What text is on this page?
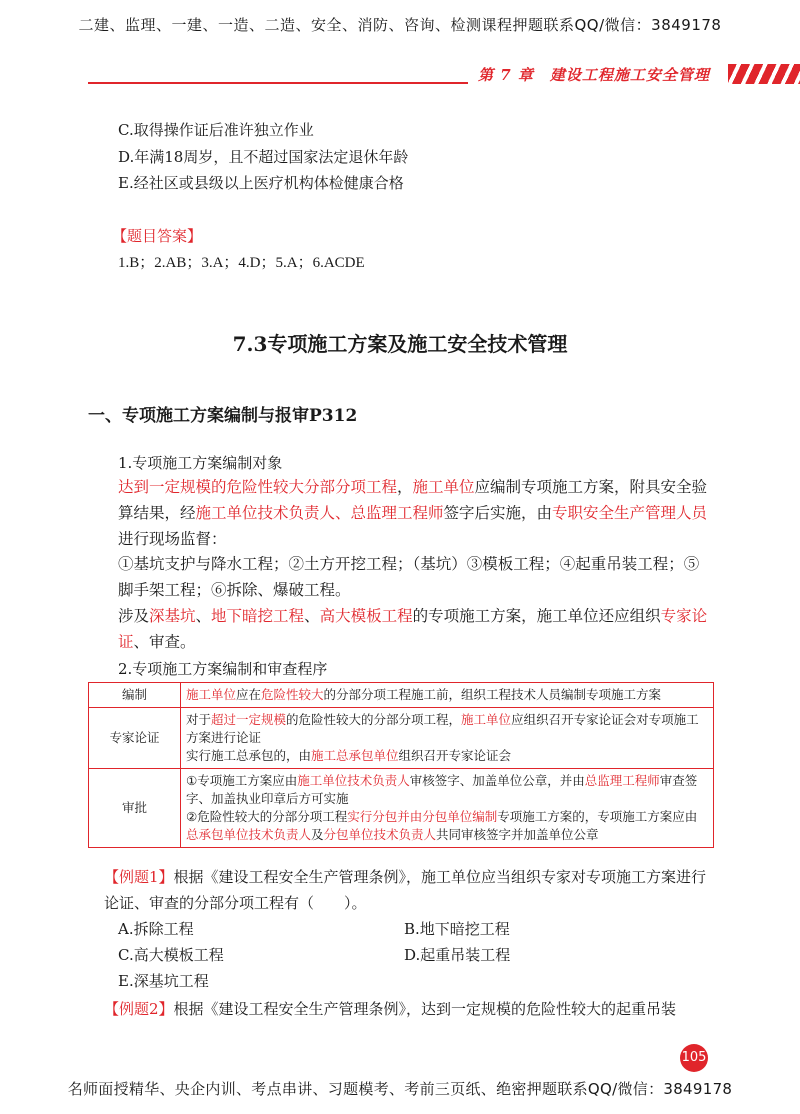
二建、监理、一建、一造、二造、安全、消防、咨询、检测课程押题联系QQ/微信：3849178
第 7 章　建设工程施工安全管理
C.取得操作证后准许独立作业
D.年满18周岁，且不超过国家法定退休年龄
E.经社区或县级以上医疗机构体检健康合格
【题目答案】
1.B；2.AB；3.A；4.D；5.A；6.ACDE
7.3专项施工方案及施工安全技术管理
一、专项施工方案编制与报审P312
1.专项施工方案编制对象
达到一定规模的危险性较大分部分项工程，施工单位应编制专项施工方案，附具安全验算结果，经施工单位技术负责人、总监理工程师签字后实施，由专职安全生产管理人员进行现场监督：
①基坑支护与降水工程；②土方开挖工程；（基坑）③模板工程；④起重吊装工程；⑤脚手架工程；⑥拆除、爆破工程。
涉及深基坑、地下暗挖工程、高大模板工程的专项施工方案，施工单位还应组织专家论证、审查。
2.专项施工方案编制和审查程序
编制	施工单位应在危险性较大的分部分项工程施工前，组织工程技术人员编制专项施工方案
专家论证	对于超过一定规模的危险性较大的分部分项工程，施工单位应组织召开专家论证会对专项施工方案进行论证
实行施工总承包的，由施工总承包单位组织召开专家论证会
审批	①专项施工方案应由施工单位技术负责人审核签字、加盖单位公章，并由总监理工程师审查签字、加盖执业印章后方可实施
②危险性较大的分部分项工程实行分包并由分包单位编制专项施工方案的，专项施工方案应由总承包单位技术负责人及分包单位技术负责人共同审核签字并加盖单位公章
【例题1】根据《建设工程安全生产管理条例》，施工单位应当组织专家对专项施工方案进行论证、审查的分部分项工程有（　　）。
A.拆除工程	B.地下暗挖工程
C.高大模板工程	D.起重吊装工程
E.深基坑工程
【例题2】根据《建设工程安全生产管理条例》，达到一定规模的危险性较大的起重吊装
105
名师面授精华、央企内训、考点串讲、习题模考、考前三页纸、绝密押题联系QQ/微信：3849178
